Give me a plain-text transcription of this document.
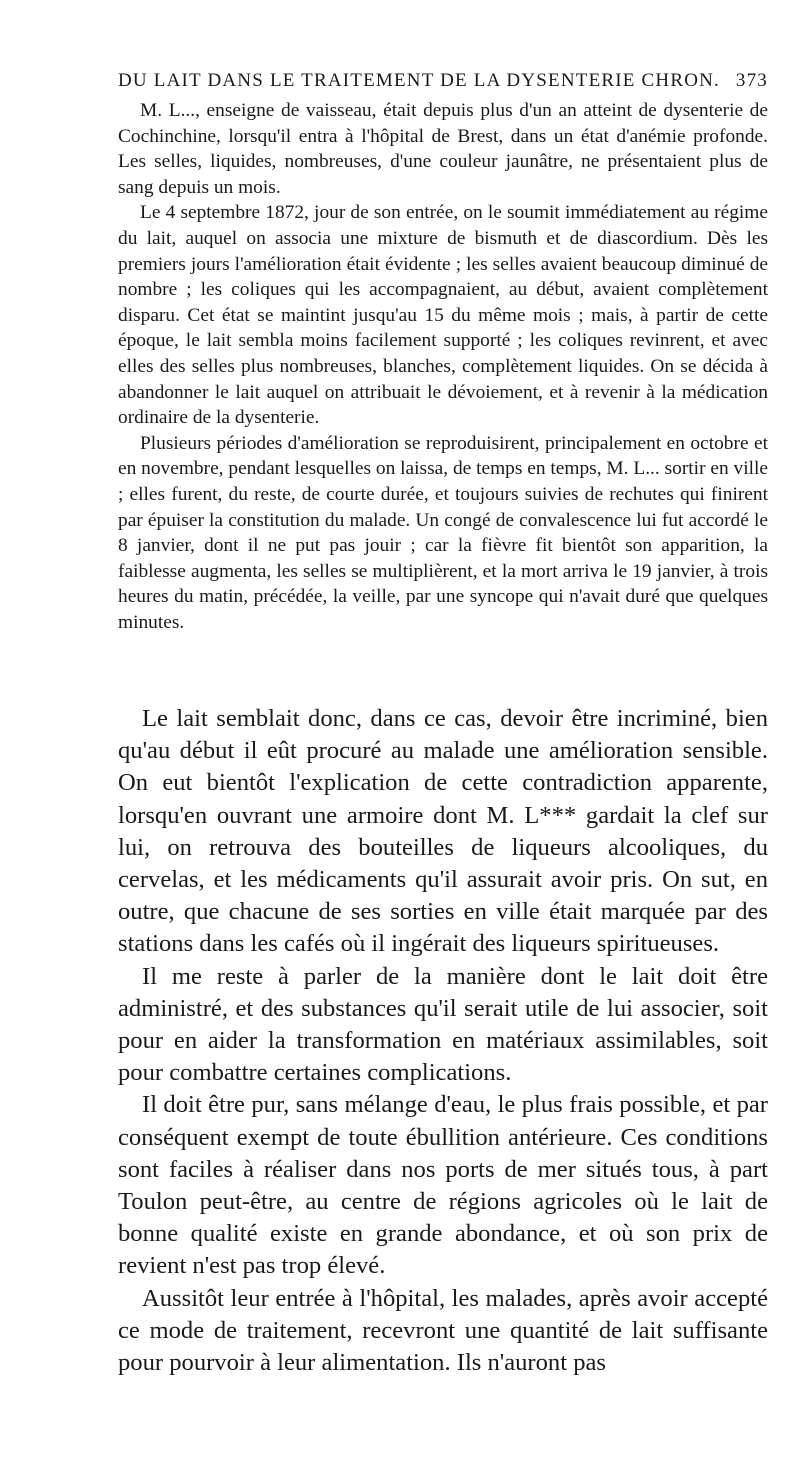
DU LAIT DANS LE TRAITEMENT DE LA DYSENTERIE CHRON. 373

M. L..., enseigne de vaisseau, était depuis plus d'un an atteint de dysenterie de Cochinchine, lorsqu'il entra à l'hôpital de Brest, dans un état d'anémie profonde. Les selles, liquides, nombreuses, d'une couleur jaunâtre, ne présentaient plus de sang depuis un mois.

Le 4 septembre 1872, jour de son entrée, on le soumit immédiatement au régime du lait, auquel on associa une mixture de bismuth et de diascordium. Dès les premiers jours l'amélioration était évidente ; les selles avaient beaucoup diminué de nombre ; les coliques qui les accompagnaient, au début, avaient complètement disparu. Cet état se maintint jusqu'au 15 du même mois ; mais, à partir de cette époque, le lait sembla moins facilement supporté ; les coliques revinrent, et avec elles des selles plus nombreuses, blanches, complètement liquides. On se décida à abandonner le lait auquel on attribuait le dévoiement, et à revenir à la médication ordinaire de la dysenterie.

Plusieurs périodes d'amélioration se reproduisirent, principalement en octobre et en novembre, pendant lesquelles on laissa, de temps en temps, M. L... sortir en ville ; elles furent, du reste, de courte durée, et toujours suivies de rechutes qui finirent par épuiser la constitution du malade. Un congé de convalescence lui fut accordé le 8 janvier, dont il ne put pas jouir ; car la fièvre fit bientôt son apparition, la faiblesse augmenta, les selles se multiplièrent, et la mort arriva le 19 janvier, à trois heures du matin, précédée, la veille, par une syncope qui n'avait duré que quelques minutes.

Le lait semblait donc, dans ce cas, devoir être incriminé, bien qu'au début il eût procuré au malade une amélioration sensible. On eut bientôt l'explication de cette contradiction apparente, lorsqu'en ouvrant une armoire dont M. L*** gardait la clef sur lui, on retrouva des bouteilles de liqueurs alcooliques, du cervelas, et les médicaments qu'il assurait avoir pris. On sut, en outre, que chacune de ses sorties en ville était marquée par des stations dans les cafés où il ingérait des liqueurs spiritueuses.

Il me reste à parler de la manière dont le lait doit être administré, et des substances qu'il serait utile de lui associer, soit pour en aider la transformation en matériaux assimilables, soit pour combattre certaines complications.

Il doit être pur, sans mélange d'eau, le plus frais possible, et par conséquent exempt de toute ébullition antérieure. Ces conditions sont faciles à réaliser dans nos ports de mer situés tous, à part Toulon peut-être, au centre de régions agricoles où le lait de bonne qualité existe en grande abondance, et où son prix de revient n'est pas trop élevé.

Aussitôt leur entrée à l'hôpital, les malades, après avoir accepté ce mode de traitement, recevront une quantité de lait suffisante pour pourvoir à leur alimentation. Ils n'auront pas
